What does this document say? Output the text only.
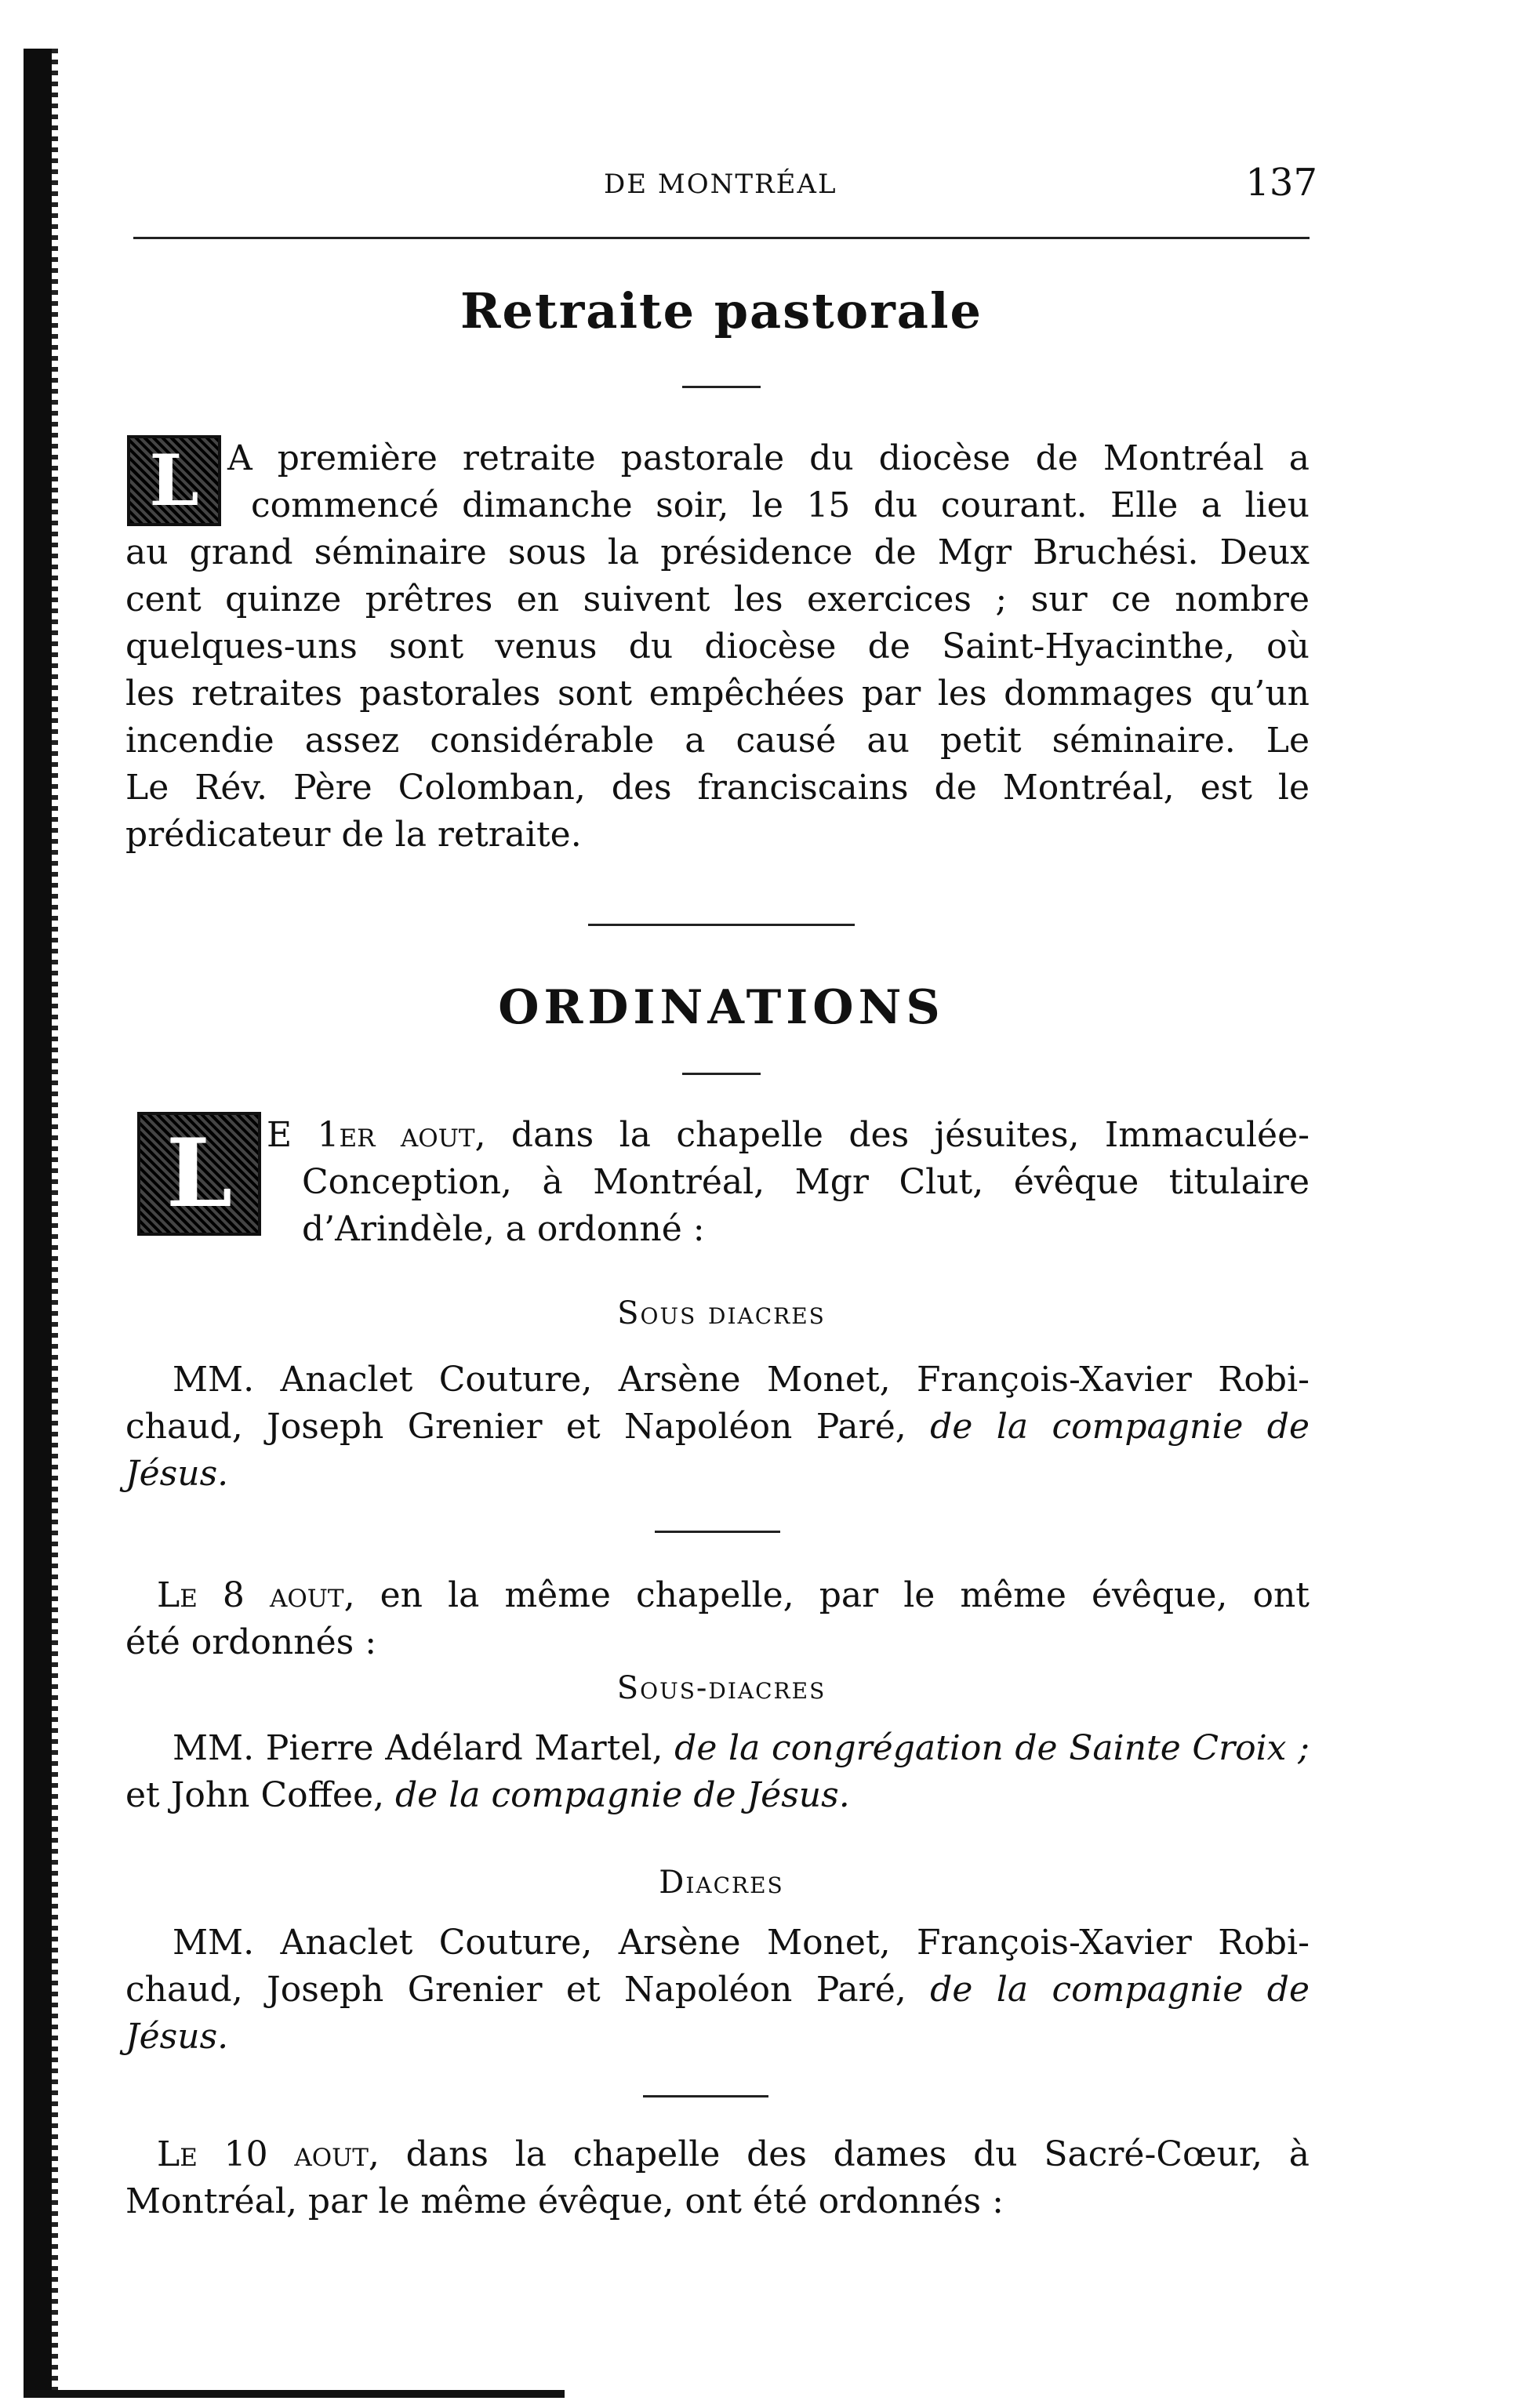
DE MONTRÉAL	137
Retraite pastorale
L A première retraite pastorale du diocèse de Montréal a
commencé dimanche soir, le 15 du courant. Elle a lieu
au grand séminaire sous la présidence de Mgr Bruchési. Deux
cent quinze prêtres en suivent les exercices ; sur ce nombre
quelques-uns sont venus du diocèse de Saint-Hyacinthe, où
les retraites pastorales sont empêchées par les dommages qu’un
incendie assez considérable a causé au petit séminaire. Le
Le Rév. Père Colomban, des franciscains de Montréal, est le
prédicateur de la retraite.
ORDINATIONS
L E 1er aout, dans la chapelle des jésuites, Immaculée-
Conception, à Montréal, Mgr Clut, évêque titulaire
d’Arindèle, a ordonné :
Sous diacres
MM. Anaclet Couture, Arsène Monet, François-Xavier Robi-
chaud, Joseph Grenier et Napoléon Paré, de la compagnie de
Jésus.
Le 8 aout, en la même chapelle, par le même évêque, ont
été ordonnés :
Sous-diacres
MM. Pierre Adélard Martel, de la congrégation de Sainte Croix ;
et John Coffee, de la compagnie de Jésus.
Diacres
MM. Anaclet Couture, Arsène Monet, François-Xavier Robi-
chaud, Joseph Grenier et Napoléon Paré, de la compagnie de
Jésus.
Le 10 aout, dans la chapelle des dames du Sacré-Cœur, à
Montréal, par le même évêque, ont été ordonnés :
